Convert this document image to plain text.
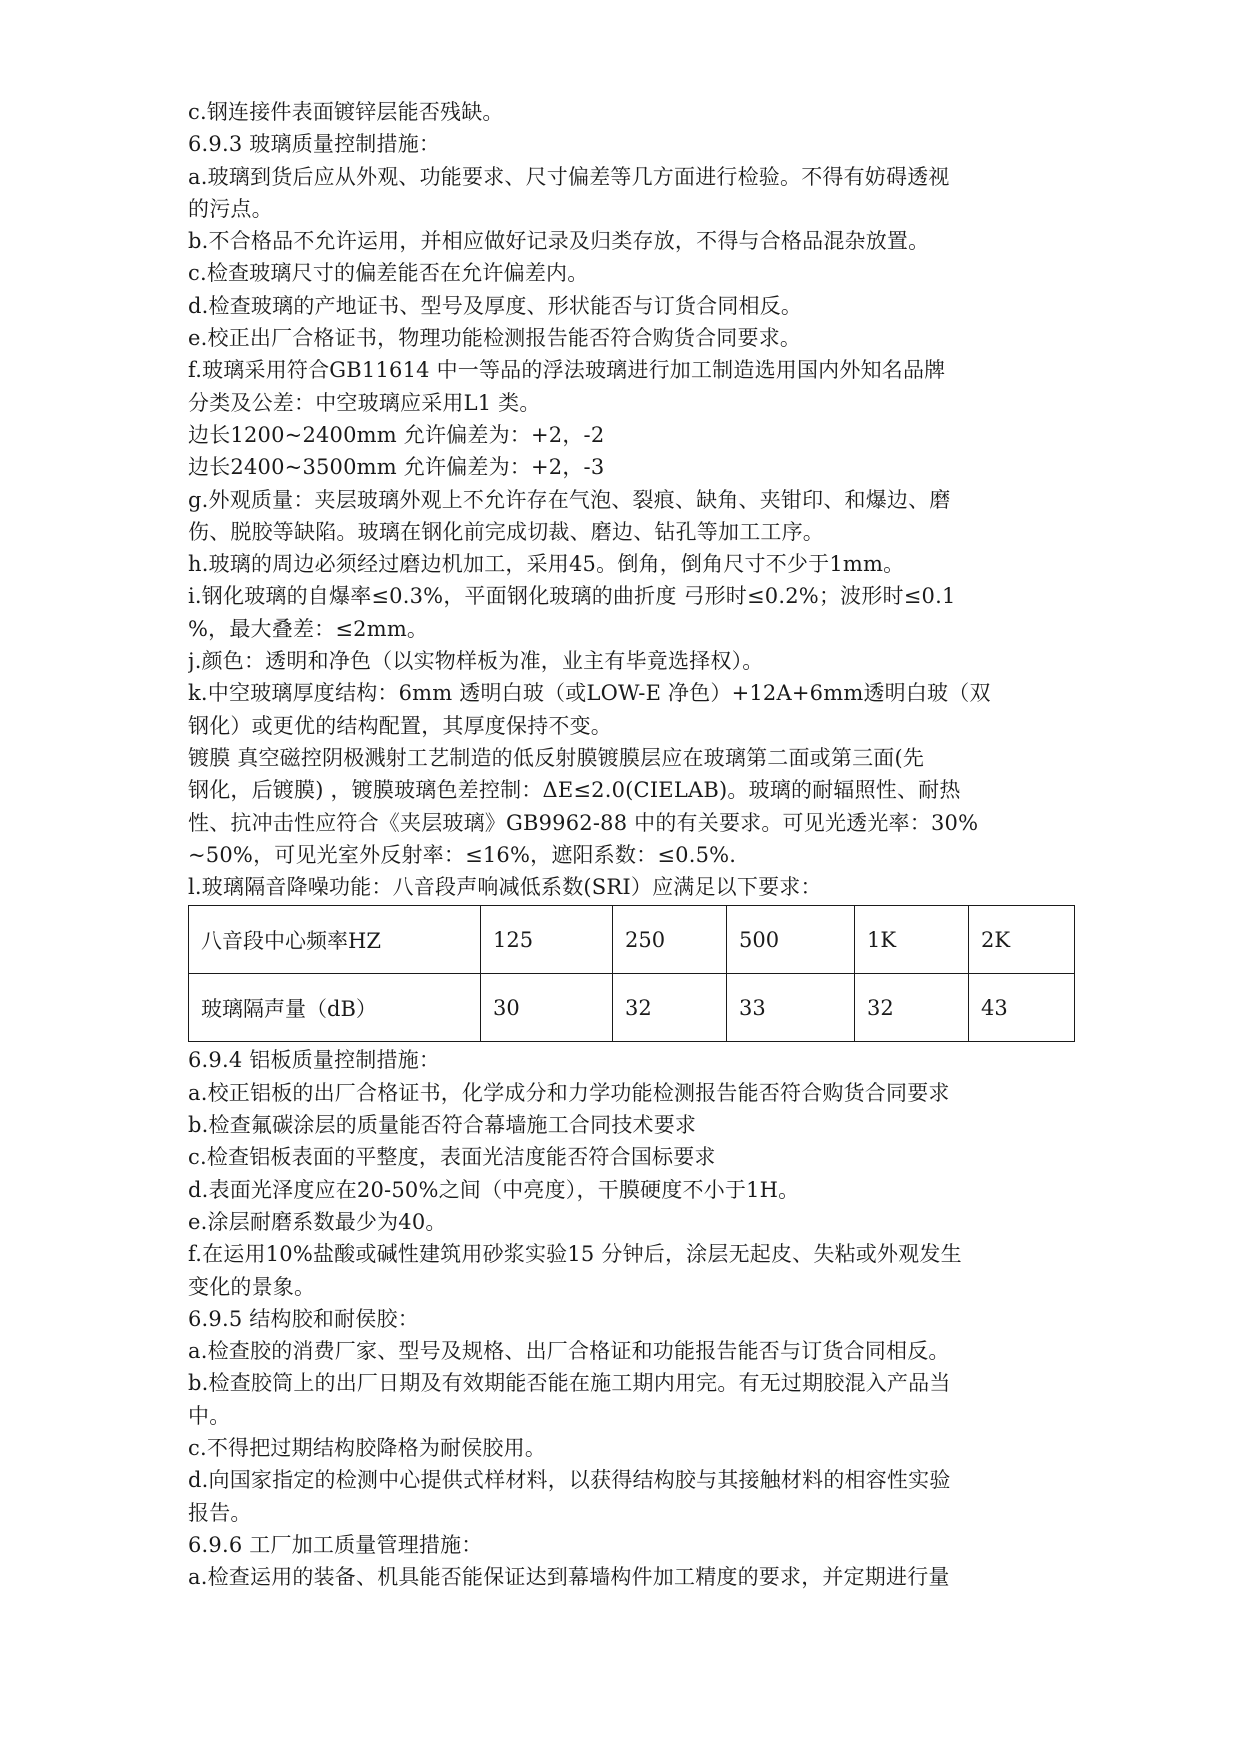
c.钢连接件表面镀锌层能否残缺。
6.9.3 玻璃质量控制措施：
a.玻璃到货后应从外观、功能要求、尺寸偏差等几方面进行检验。不得有妨碍透视
的污点。
b.不合格品不允许运用，并相应做好记录及归类存放，不得与合格品混杂放置。
c.检查玻璃尺寸的偏差能否在允许偏差内。
d.检查玻璃的产地证书、型号及厚度、形状能否与订货合同相反。
e.校正出厂合格证书，物理功能检测报告能否符合购货合同要求。
f.玻璃采用符合GB11614 中一等品的浮法玻璃进行加工制造选用国内外知名品牌
分类及公差：中空玻璃应采用L1 类。
边长1200~2400mm 允许偏差为：+2，-2
边长2400~3500mm 允许偏差为：+2，-3
g.外观质量：夹层玻璃外观上不允许存在气泡、裂痕、缺角、夹钳印、和爆边、磨
伤、脱胶等缺陷。玻璃在钢化前完成切裁、磨边、钻孔等加工工序。
h.玻璃的周边必须经过磨边机加工，采用45。倒角，倒角尺寸不少于1mm。
i.钢化玻璃的自爆率≤0.3%，平面钢化玻璃的曲折度 弓形时≤0.2%；波形时≤0.1
%，最大叠差：≤2mm。
j.颜色：透明和净色（以实物样板为准，业主有毕竟选择权）。
k.中空玻璃厚度结构：6mm 透明白玻（或LOW-E 净色）+12A+6mm透明白玻（双
钢化）或更优的结构配置，其厚度保持不变。
镀膜 真空磁控阴极溅射工艺制造的低反射膜镀膜层应在玻璃第二面或第三面(先
钢化，后镀膜) ，镀膜玻璃色差控制：ΔE≤2.0(CIELAB)。玻璃的耐辐照性、耐热
性、抗冲击性应符合《夹层玻璃》GB9962-88 中的有关要求。可见光透光率：30%
~50%，可见光室外反射率：≤16%，遮阳系数：≤0.5%.
l.玻璃隔音降噪功能：八音段声响减低系数(SRI）应满足以下要求：
八音段中心频率HZ	125	250	500	1K	2K
玻璃隔声量（dB）	30	32	33	32	43
6.9.4 铝板质量控制措施：
a.校正铝板的出厂合格证书，化学成分和力学功能检测报告能否符合购货合同要求
b.检查氟碳涂层的质量能否符合幕墙施工合同技术要求
c.检查铝板表面的平整度，表面光洁度能否符合国标要求
d.表面光泽度应在20-50%之间（中亮度），干膜硬度不小于1H。
e.涂层耐磨系数最少为40。
f.在运用10%盐酸或碱性建筑用砂浆实验15 分钟后，涂层无起皮、失粘或外观发生
变化的景象。
6.9.5 结构胶和耐侯胶：
a.检查胶的消费厂家、型号及规格、出厂合格证和功能报告能否与订货合同相反。
b.检查胶筒上的出厂日期及有效期能否能在施工期内用完。有无过期胶混入产品当
中。
c.不得把过期结构胶降格为耐侯胶用。
d.向国家指定的检测中心提供式样材料，以获得结构胶与其接触材料的相容性实验
报告。
6.9.6 工厂加工质量管理措施：
a.检查运用的装备、机具能否能保证达到幕墙构件加工精度的要求，并定期进行量
